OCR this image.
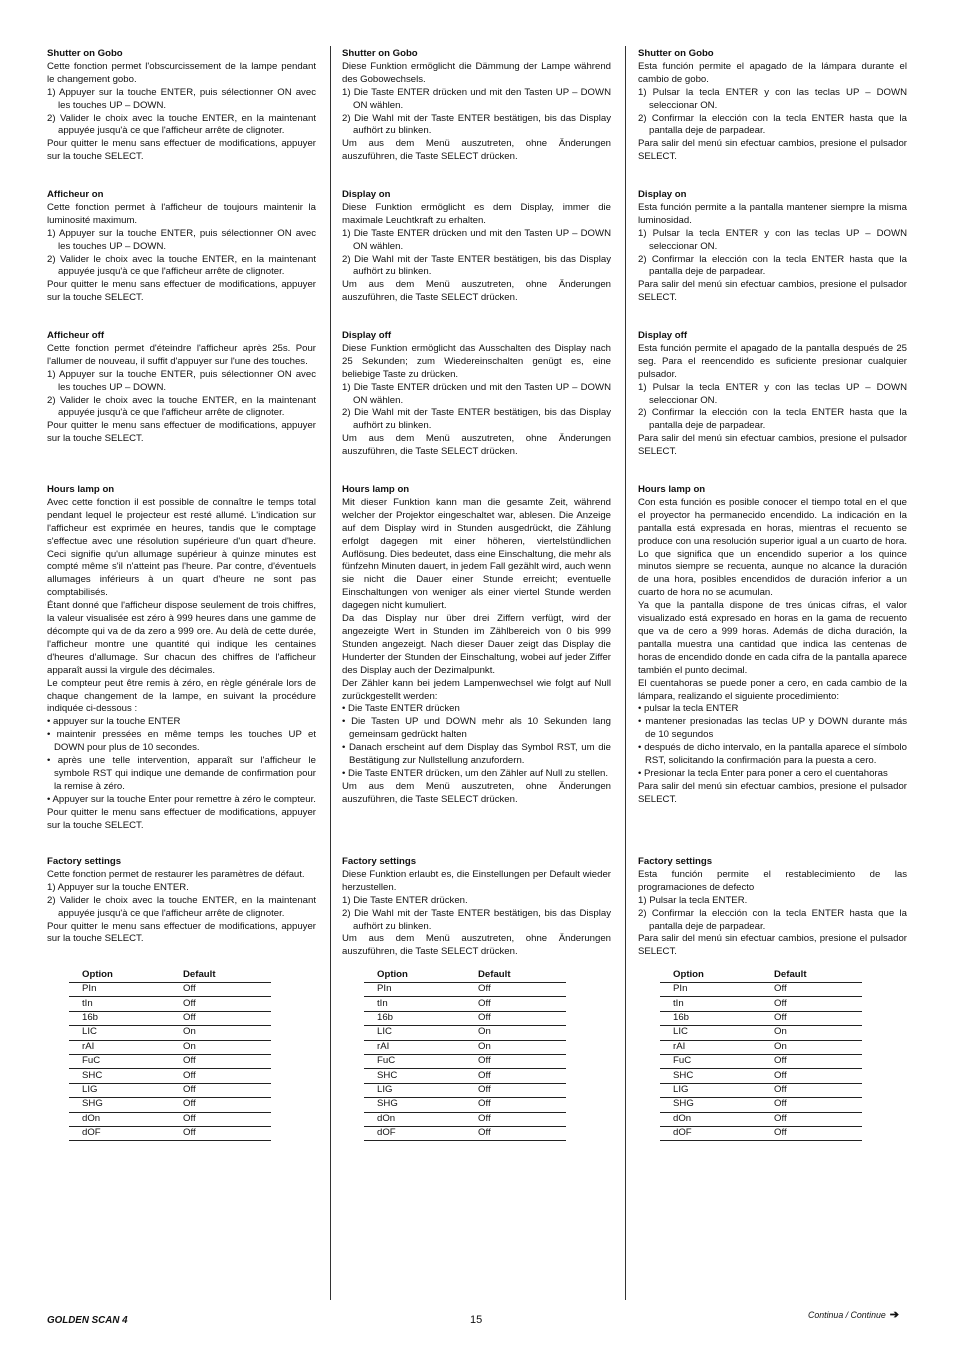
Shutter on Gobo

Cette fonction permet l'obscurcissement de la lampe pendant le changement gobo.

1) Appuyer sur la touche ENTER, puis sélectionner ON avec les touches UP – DOWN.

2) Valider le choix avec la touche ENTER, en la maintenant appuyée jusqu'à ce que l'afficheur arrête de clignoter.

Pour quitter le menu sans effectuer de modifications, appuyer sur la touche SELECT.

Afficheur on

Cette fonction permet à l'afficheur de toujours maintenir la luminosité maximum.

1) Appuyer sur la touche ENTER, puis sélectionner ON avec les touches UP – DOWN.

2) Valider le choix avec la touche ENTER, en la maintenant appuyée jusqu'à ce que l'afficheur arrête de clignoter.

Pour quitter le menu sans effectuer de modifications, appuyer sur la touche SELECT.

Afficheur off

Cette fonction permet d'éteindre l'afficheur après 25s. Pour l'allumer de nouveau, il suffit d'appuyer sur l'une des touches.

1) Appuyer sur la touche ENTER, puis sélectionner ON avec les touches UP – DOWN.

2) Valider le choix avec la touche ENTER, en la maintenant appuyée jusqu'à ce que l'afficheur arrête de clignoter.

Pour quitter le menu sans effectuer de modifications, appuyer sur la touche SELECT.

Hours lamp on

Avec cette fonction il est possible de connaître le temps total pendant lequel le projecteur est resté allumé. L'indication sur l'afficheur est exprimée en heures, tandis que le comptage s'effectue avec une résolution supérieure d'un quart d'heure. Ceci signifie qu'un allumage supérieur à quinze minutes est compté même s'il n'atteint pas l'heure. Par contre, d'éventuels allumages inférieurs à un quart d'heure ne sont pas comptabilisés.

Étant donné que l'afficheur dispose seulement de trois chiffres, la valeur visualisée est zéro à 999 heures dans une gamme de décompte qui va de da zero a 999 ore. Au delà de cette durée, l'afficheur montre une quantité qui indique les centaines d'heures d'allumage. Sur chacun des chiffres de l'afficheur apparaît aussi la virgule des décimales.

Le compteur peut être remis à zéro, en règle générale lors de chaque changement de la lampe, en suivant la procédure indiquée ci-dessous :

• appuyer sur la touche ENTER

• maintenir pressées en même temps les touches UP et DOWN pour plus de 10 secondes.

• après une telle intervention, apparaît sur l'afficheur le symbole RST qui indique une demande de confirmation pour la remise à zéro.

• Appuyer sur la touche Enter pour remettre à zéro le compteur.

Pour quitter le menu sans effectuer de modifications, appuyer sur la touche SELECT.

Factory settings

Cette fonction permet de restaurer les paramètres de défaut.

1) Appuyer sur la touche ENTER.

2) Valider le choix avec la touche ENTER, en la maintenant appuyée jusqu'à ce que l'afficheur arrête de clignoter.

Pour quitter le menu sans effectuer de modifications, appuyer sur la touche SELECT.

Option	Default
PIn	Off
tIn	Off
16b	Off
LIC	On
rAI	On
FuC	Off
SHC	Off
LIG	Off
SHG	Off
dOn	Off
dOF	Off
Shutter on Gobo

Diese Funktion ermöglicht die Dämmung der Lampe während des Gobowechsels.

1) Die Taste ENTER drücken und mit den Tasten UP – DOWN ON wählen.

2) Die Wahl mit der Taste ENTER bestätigen, bis das Display aufhört zu blinken.

Um aus dem Menü auszutreten, ohne Änderungen auszuführen, die Taste SELECT drücken.

Display on

Diese Funktion ermöglicht es dem Display, immer die maximale Leuchtkraft zu erhalten.

1) Die Taste ENTER drücken und mit den Tasten UP – DOWN ON wählen.

2) Die Wahl mit der Taste ENTER bestätigen, bis das Display aufhört zu blinken.

Um aus dem Menü auszutreten, ohne Änderungen auszuführen, die Taste SELECT drücken.

Display off

Diese Funktion ermöglicht das Ausschalten des Display nach 25 Sekunden; zum Wiedereinschalten genügt es, eine beliebige Taste zu drücken.

1) Die Taste ENTER drücken und mit den Tasten UP – DOWN ON wählen.

2) Die Wahl mit der Taste ENTER bestätigen, bis das Display aufhört zu blinken.

Um aus dem Menü auszutreten, ohne Änderungen auszuführen, die Taste SELECT drücken.

Hours lamp on

Mit dieser Funktion kann man die gesamte Zeit, während welcher der Projektor eingeschaltet war, ablesen. Die Anzeige auf dem Display wird in Stunden ausgedrückt, die Zählung erfolgt dagegen mit einer höheren, viertelstündlichen Auflösung. Dies bedeutet, dass eine Einschaltung, die mehr als fünfzehn Minuten dauert, in jedem Fall gezählt wird, auch wenn sie nicht die Dauer einer Stunde erreicht; eventuelle Einschaltungen von weniger als einer viertel Stunde werden dagegen nicht kumuliert.

Da das Display nur über drei Ziffern verfügt, wird der angezeigte Wert in Stunden im Zählbereich von 0 bis 999 Stunden angezeigt. Nach dieser Dauer zeigt das Display die Hunderter der Stunden der Einschaltung, wobei auf jeder Ziffer des Display auch der Dezimalpunkt.

Der Zähler kann bei jedem Lampenwechsel wie folgt auf Null zurückgestellt werden:

• Die Taste ENTER drücken

• Die Tasten UP und DOWN mehr als 10 Sekunden lang gemeinsam gedrückt halten

• Danach erscheint auf dem Display das Symbol RST, um die Bestätigung zur Nullstellung anzufordern.

• Die Taste ENTER drücken, um den Zähler auf Null zu stellen.

Um aus dem Menü auszutreten, ohne Änderungen auszuführen, die Taste SELECT drücken.

Factory settings

Diese Funktion erlaubt es, die Einstellungen per Default wieder herzustellen.

1) Die Taste ENTER drücken.

2) Die Wahl mit der Taste ENTER bestätigen, bis das Display aufhört zu blinken.

Um aus dem Menü auszutreten, ohne Änderungen auszuführen, die Taste SELECT drücken.

Option	Default
PIn	Off
tIn	Off
16b	Off
LIC	On
rAI	On
FuC	Off
SHC	Off
LIG	Off
SHG	Off
dOn	Off
dOF	Off
Shutter on Gobo

Esta función permite el apagado de la lámpara durante el cambio de gobo.

1) Pulsar la tecla ENTER y con las teclas UP – DOWN seleccionar ON.

2) Confirmar la elección con la tecla ENTER hasta que la pantalla deje de parpadear.

Para salir del menú sin efectuar cambios, presione el pulsador SELECT.

Display on

Esta función permite a la pantalla mantener siempre la misma luminosidad.

1) Pulsar la tecla ENTER y con las teclas UP – DOWN seleccionar ON.

2) Confirmar la elección con la tecla ENTER hasta que la pantalla deje de parpadear.

Para salir del menú sin efectuar cambios, presione el pulsador SELECT.

Display off

Esta función permite el apagado de la pantalla después de 25 seg. Para el reencendido es suficiente presionar cualquier pulsador.

1) Pulsar la tecla ENTER y con las teclas UP – DOWN seleccionar ON.

2) Confirmar la elección con la tecla ENTER hasta que la pantalla deje de parpadear.

Para salir del menú sin efectuar cambios, presione el pulsador SELECT.

Hours lamp on

Con esta función es posible conocer el tiempo total en el que el proyector ha permanecido encendido. La indicación en la pantalla está expresada en horas, mientras el recuento se produce con una resolución superior igual a un cuarto de hora. Lo que significa que un encendido superior a los quince minutos siempre se recuenta, aunque no alcance la duración de una hora, posibles encendidos de duración inferior a un cuarto de hora no se acumulan.

Ya que la pantalla dispone de tres únicas cifras, el valor visualizado está expresado en horas en la gama de recuento que va de cero a 999 horas. Además de dicha duración, la pantalla muestra una cantidad que indica las centenas de horas de encendido donde en cada cifra de la pantalla aparece también el punto decimal.

El cuentahoras se puede poner a cero, en cada cambio de la lámpara, realizando el siguiente procedimiento:

• pulsar la tecla ENTER

• mantener presionadas las teclas UP y DOWN durante más de 10 segundos

• después de dicho intervalo, en la pantalla aparece el símbolo RST, solicitando la confirmación para la puesta a cero.

• Presionar la tecla Enter para poner a cero el cuentahoras

Para salir del menú sin efectuar cambios, presione el pulsador SELECT.

Factory settings

Esta función permite el restablecimiento de las programaciones de defecto

1) Pulsar la tecla ENTER.

2) Confirmar la elección con la tecla ENTER hasta que la pantalla deje de parpadear.

Para salir del menú sin efectuar cambios, presione el pulsador SELECT.

Option	Default
PIn	Off
tIn	Off
16b	Off
LIC	On
rAI	On
FuC	Off
SHC	Off
LIG	Off
SHG	Off
dOn	Off
dOF	Off
GOLDEN SCAN 4	15	Continua / Continue ➔
